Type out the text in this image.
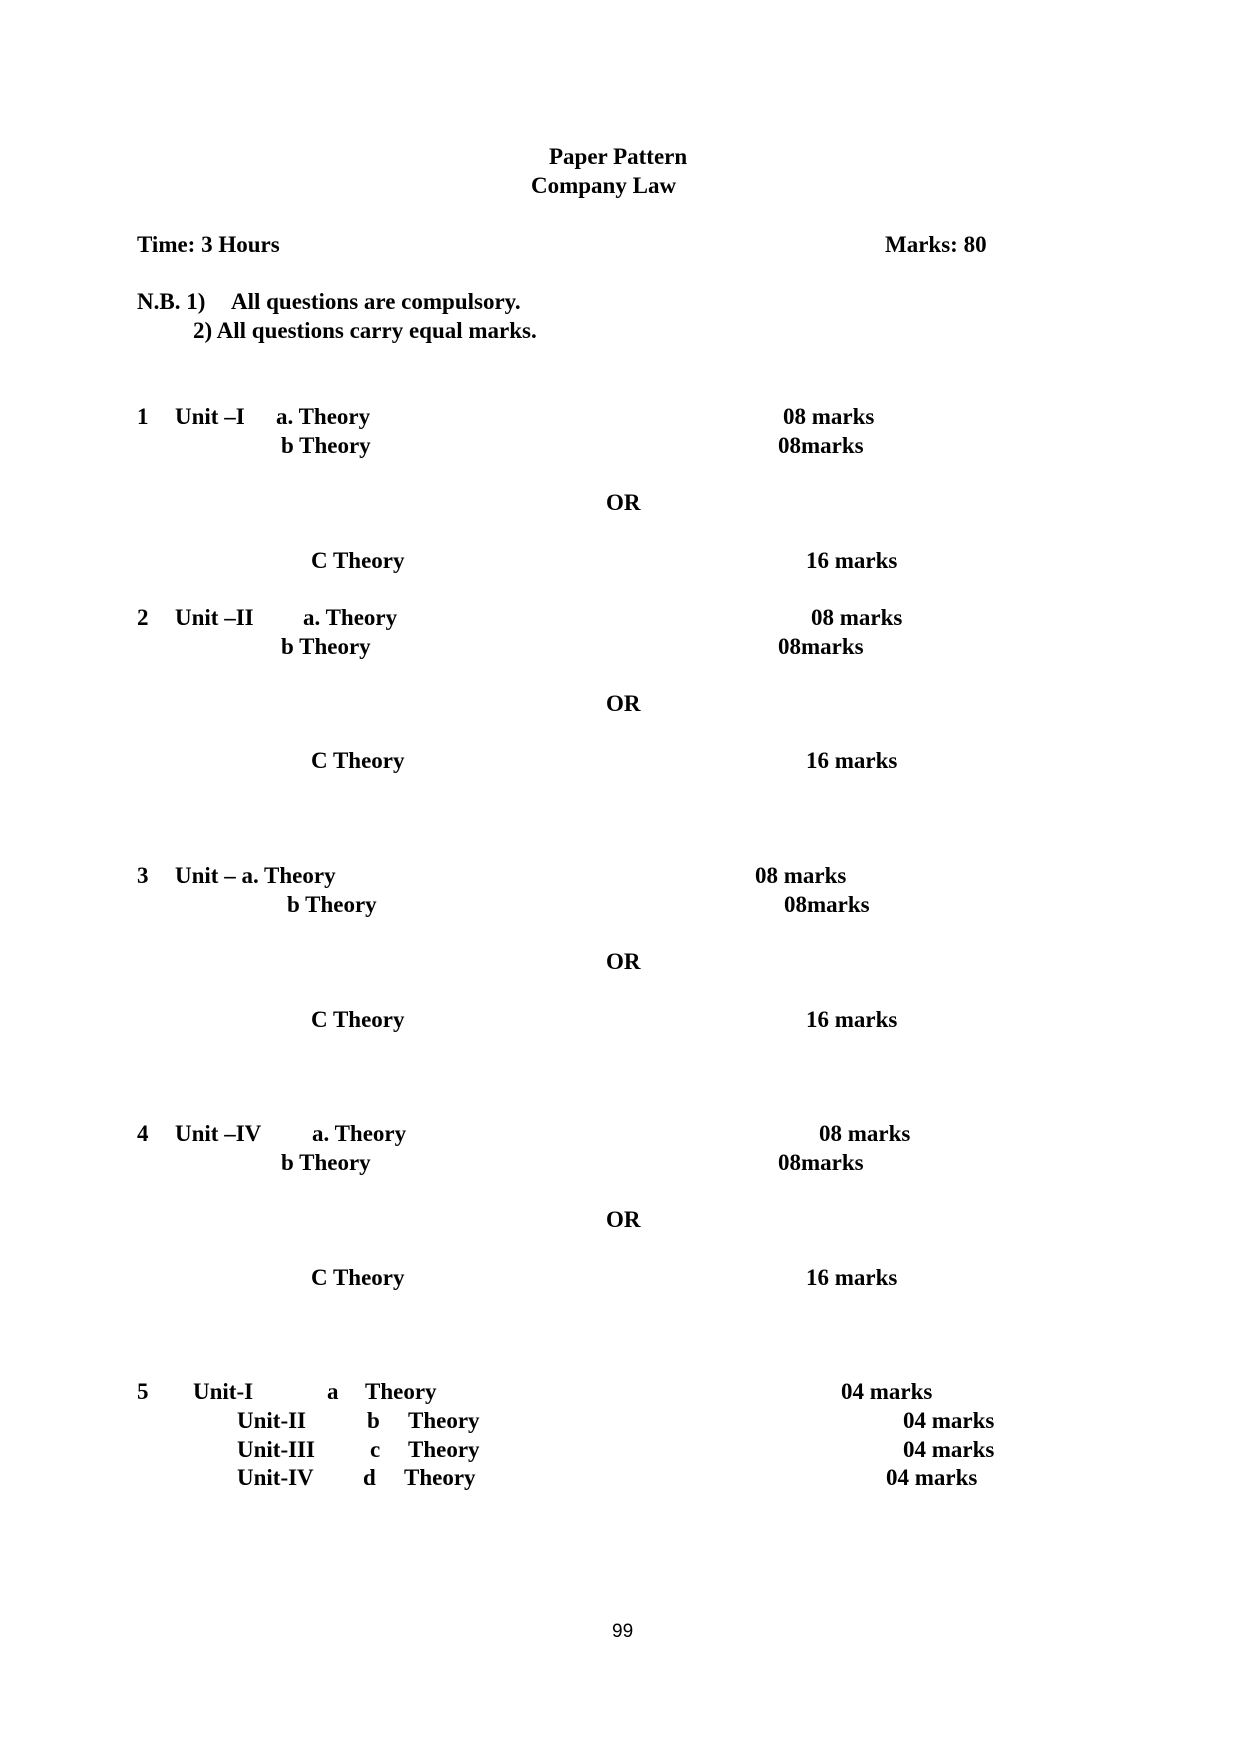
Paper Pattern
Company Law
Time: 3 Hours	Marks: 80
N.B. 1) All questions are compulsory.
2) All questions carry equal marks.
1 Unit –I a. Theory	08 marks
b Theory	08marks
OR
C Theory	16 marks
2 Unit –II a. Theory	08 marks
b Theory	08marks
OR
C Theory	16 marks
3 Unit – a. Theory	08 marks
b Theory	08marks
OR
C Theory	16 marks
4 Unit –IV a. Theory	08 marks
b Theory	08marks
OR
C Theory	16 marks
5 Unit-I	a Theory	04 marks
Unit-II	b Theory	04 marks
Unit-III c Theory	04 marks
Unit-IV d Theory	04 marks
99
